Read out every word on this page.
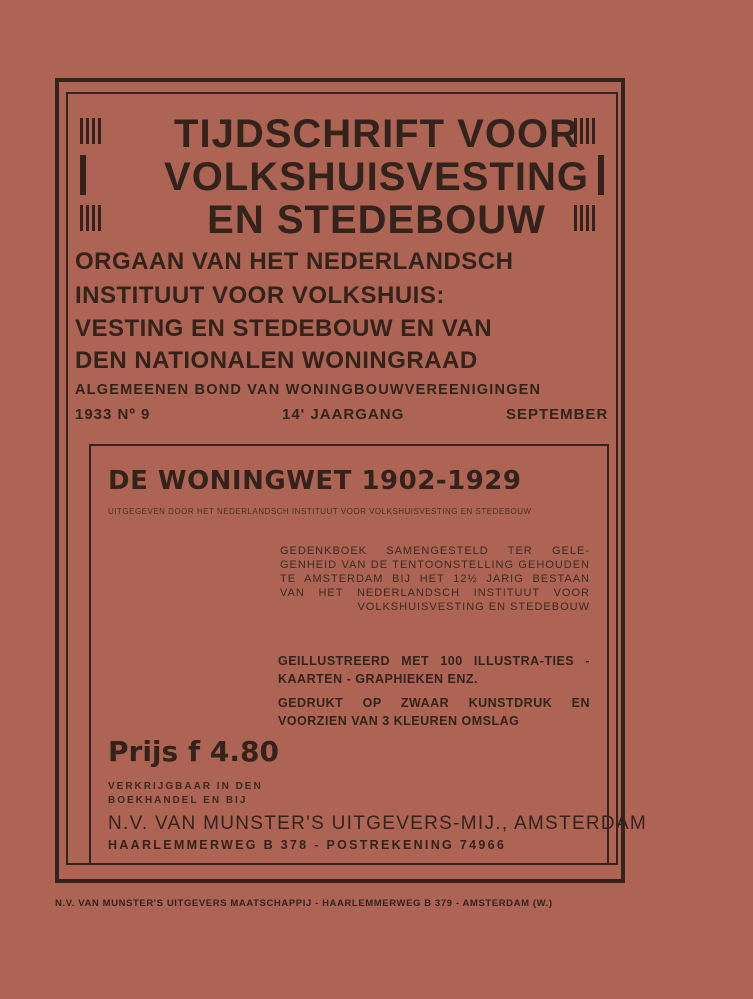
TIJDSCHRIFT VOOR
VOLKSHUISVESTING
EN STEDEBOUW
ORGAAN VAN HET NEDERLANDSCH
INSTITUUT VOOR VOLKSHUIS:
VESTING EN STEDEBOUW EN VAN
DEN NATIONALEN WONINGRAAD
ALGEMEENEN BOND VAN WONINGBOUWVEREENIGINGEN
1933 Nº 9	14' JAARGANG	SEPTEMBER
DE WONINGWET 1902-1929
UITGEGEVEN DOOR HET NEDERLANDSCH INSTITUUT VOOR VOLKSHUISVESTING EN STEDEBOUW
GEDENKBOEK SAMENGESTELD TER GELE-GENHEID VAN DE TENTOONSTELLING GEHOUDEN TE AMSTERDAM BIJ HET 12½ JARIG BESTAAN VAN HET NEDERLANDSCH INSTITUUT VOOR VOLKSHUISVESTING EN STEDEBOUW
GEILLUSTREERD MET 100 ILLUSTRA-TIES - KAARTEN - GRAPHIEKEN ENZ.
GEDRUKT OP ZWAAR KUNSTDRUK EN VOORZIEN VAN 3 KLEUREN OMSLAG
Prijs f 4.80
VERKRIJGBAAR IN DEN BOEKHANDEL EN BIJ
N.V. VAN MUNSTER'S UITGEVERS-MIJ., AMSTERDAM
HAARLEMMERWEG B 378 - POSTREKENING 74966
N.V. VAN MUNSTER'S UITGEVERS MAATSCHAPPIJ - HAARLEMMERWEG B 379 - AMSTERDAM (W.)
